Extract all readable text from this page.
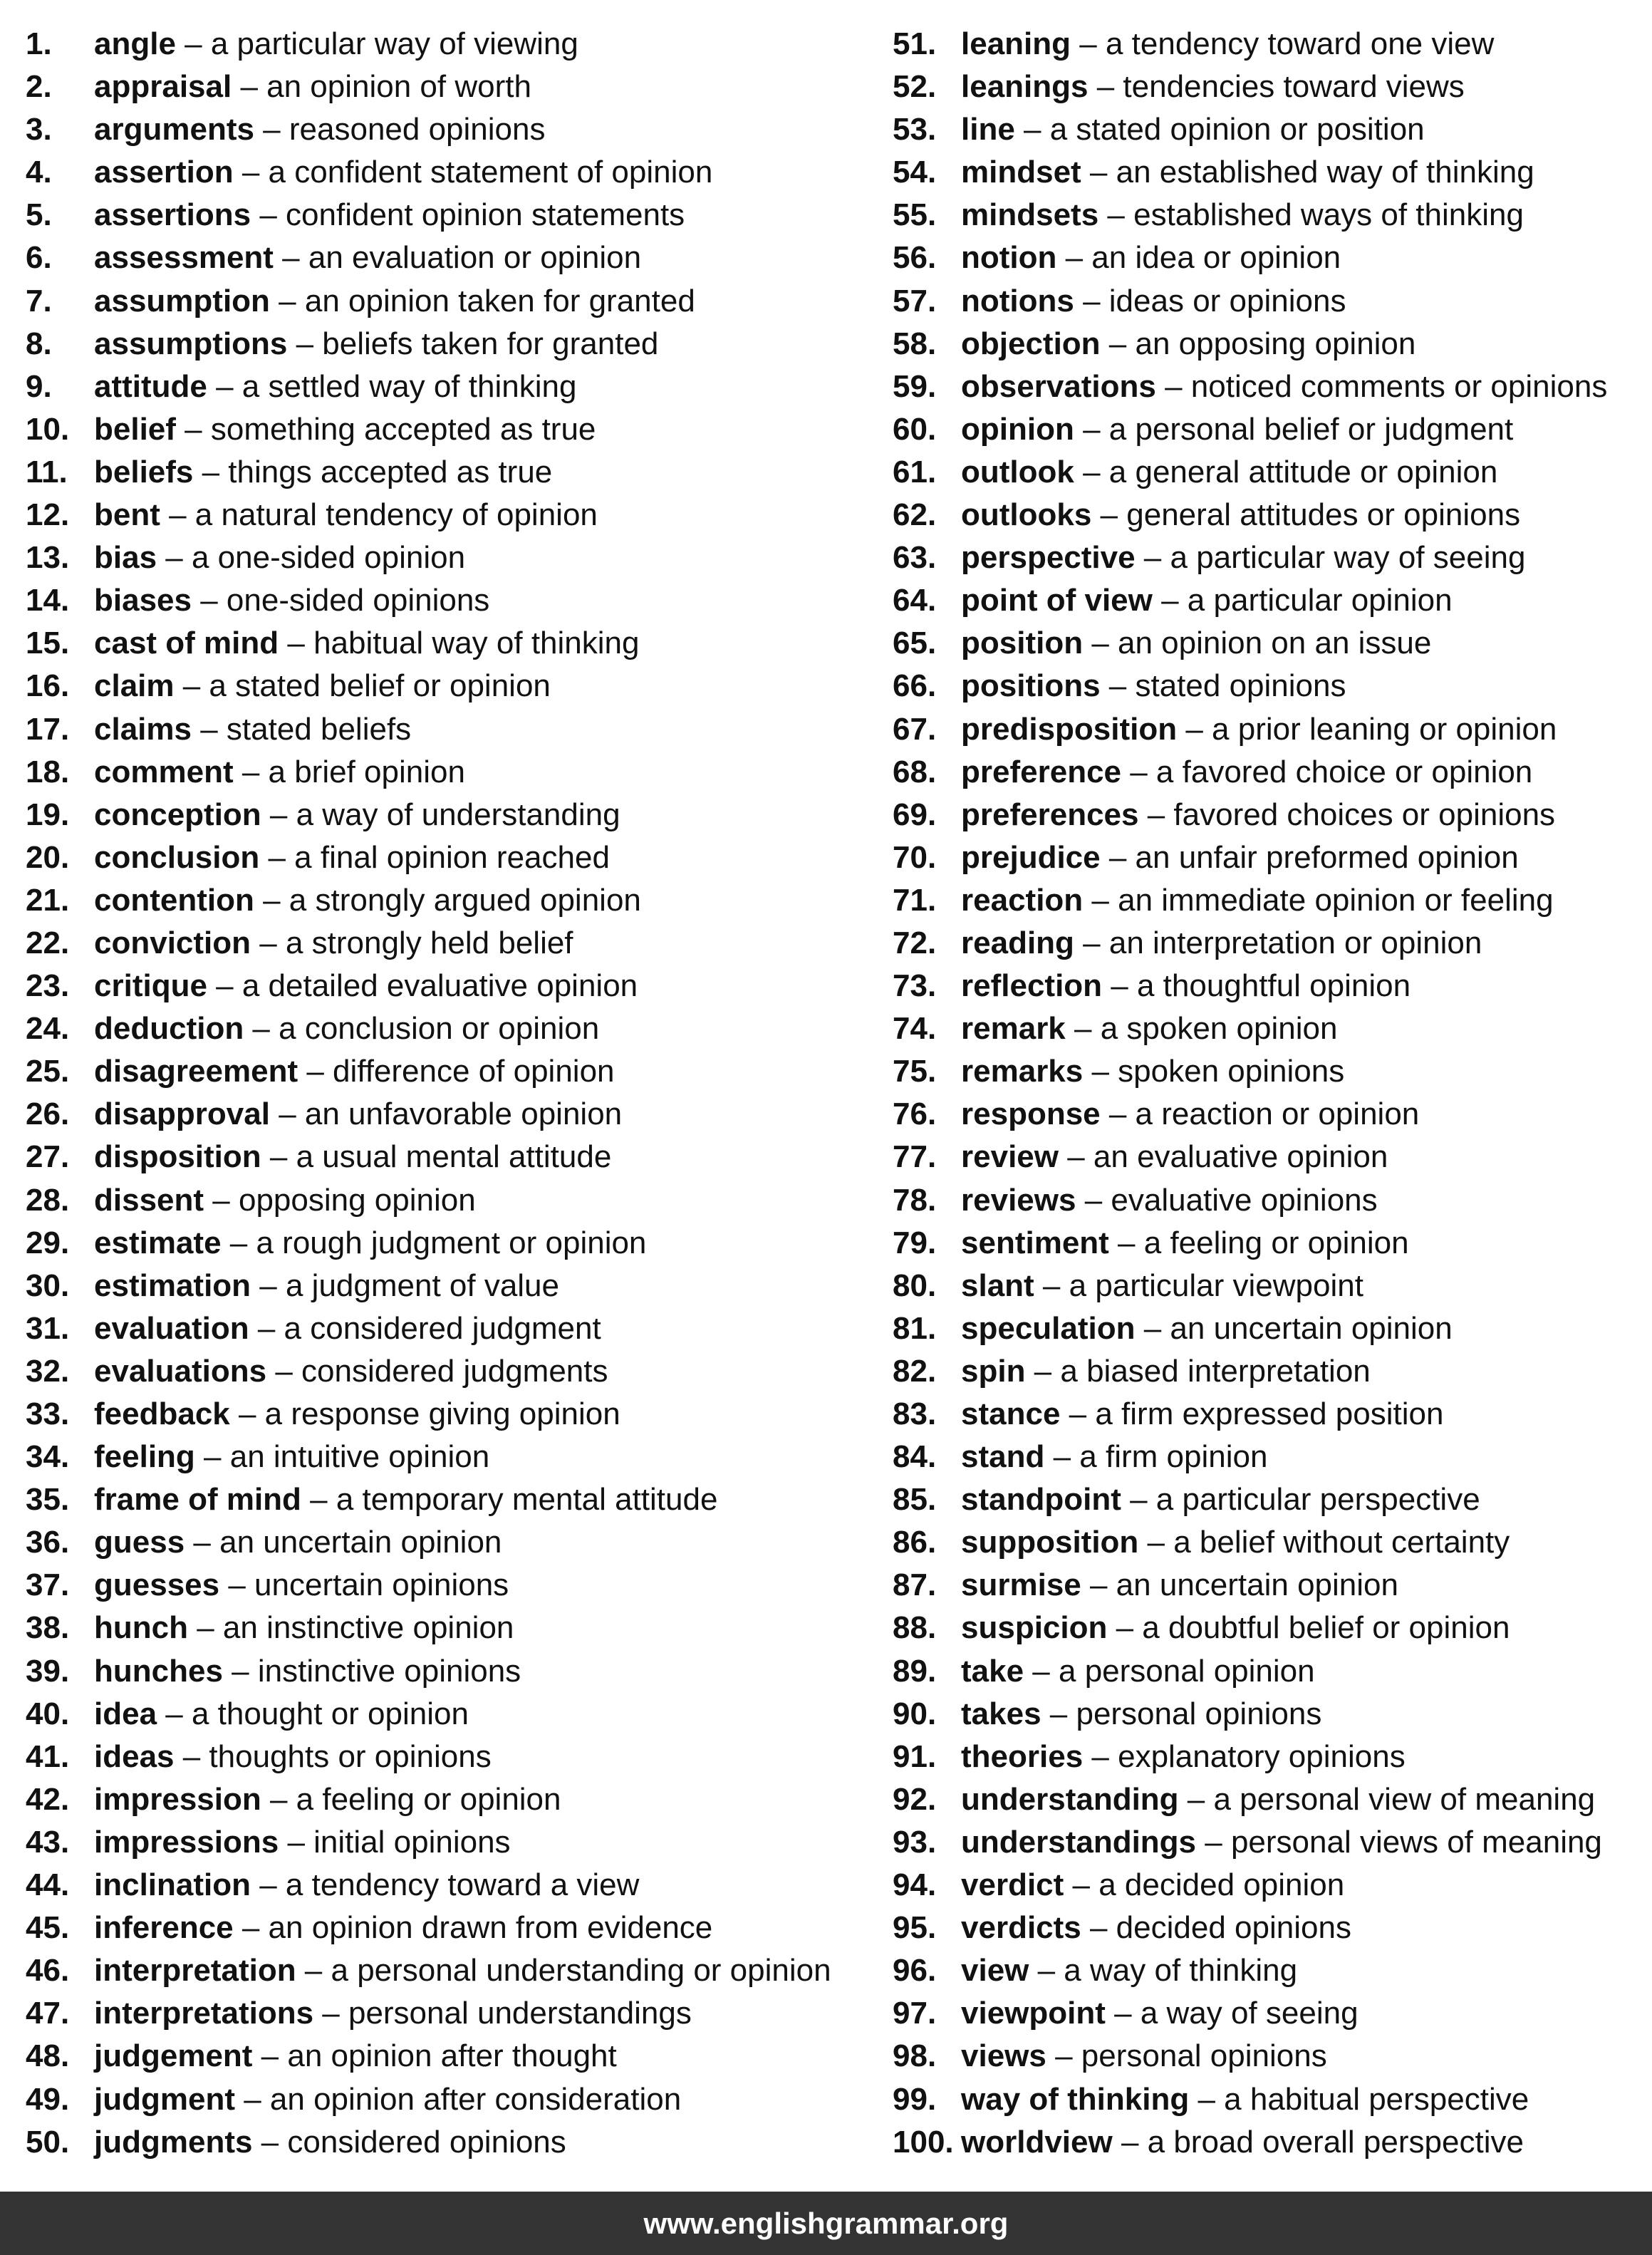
1. angle – a particular way of viewing
2. appraisal – an opinion of worth
3. arguments – reasoned opinions
4. assertion – a confident statement of opinion
5. assertions – confident opinion statements
6. assessment – an evaluation or opinion
7. assumption – an opinion taken for granted
8. assumptions – beliefs taken for granted
9. attitude – a settled way of thinking
10. belief – something accepted as true
11. beliefs – things accepted as true
12. bent – a natural tendency of opinion
13. bias – a one-sided opinion
14. biases – one-sided opinions
15. cast of mind – habitual way of thinking
16. claim – a stated belief or opinion
17. claims – stated beliefs
18. comment – a brief opinion
19. conception – a way of understanding
20. conclusion – a final opinion reached
21. contention – a strongly argued opinion
22. conviction – a strongly held belief
23. critique – a detailed evaluative opinion
24. deduction – a conclusion or opinion
25. disagreement – difference of opinion
26. disapproval – an unfavorable opinion
27. disposition – a usual mental attitude
28. dissent – opposing opinion
29. estimate – a rough judgment or opinion
30. estimation – a judgment of value
31. evaluation – a considered judgment
32. evaluations – considered judgments
33. feedback – a response giving opinion
34. feeling – an intuitive opinion
35. frame of mind – a temporary mental attitude
36. guess – an uncertain opinion
37. guesses – uncertain opinions
38. hunch – an instinctive opinion
39. hunches – instinctive opinions
40. idea – a thought or opinion
41. ideas – thoughts or opinions
42. impression – a feeling or opinion
43. impressions – initial opinions
44. inclination – a tendency toward a view
45. inference – an opinion drawn from evidence
46. interpretation – a personal understanding or opinion
47. interpretations – personal understandings
48. judgement – an opinion after thought
49. judgment – an opinion after consideration
50. judgments – considered opinions
51. leaning – a tendency toward one view
52. leanings – tendencies toward views
53. line – a stated opinion or position
54. mindset – an established way of thinking
55. mindsets – established ways of thinking
56. notion – an idea or opinion
57. notions – ideas or opinions
58. objection – an opposing opinion
59. observations – noticed comments or opinions
60. opinion – a personal belief or judgment
61. outlook – a general attitude or opinion
62. outlooks – general attitudes or opinions
63. perspective – a particular way of seeing
64. point of view – a particular opinion
65. position – an opinion on an issue
66. positions – stated opinions
67. predisposition – a prior leaning or opinion
68. preference – a favored choice or opinion
69. preferences – favored choices or opinions
70. prejudice – an unfair preformed opinion
71. reaction – an immediate opinion or feeling
72. reading – an interpretation or opinion
73. reflection – a thoughtful opinion
74. remark – a spoken opinion
75. remarks – spoken opinions
76. response – a reaction or opinion
77. review – an evaluative opinion
78. reviews – evaluative opinions
79. sentiment – a feeling or opinion
80. slant – a particular viewpoint
81. speculation – an uncertain opinion
82. spin – a biased interpretation
83. stance – a firm expressed position
84. stand – a firm opinion
85. standpoint – a particular perspective
86. supposition – a belief without certainty
87. surmise – an uncertain opinion
88. suspicion – a doubtful belief or opinion
89. take – a personal opinion
90. takes – personal opinions
91. theories – explanatory opinions
92. understanding – a personal view of meaning
93. understandings – personal views of meaning
94. verdict – a decided opinion
95. verdicts – decided opinions
96. view – a way of thinking
97. viewpoint – a way of seeing
98. views – personal opinions
99. way of thinking – a habitual perspective
100. worldview – a broad overall perspective
www.englishgrammar.org
